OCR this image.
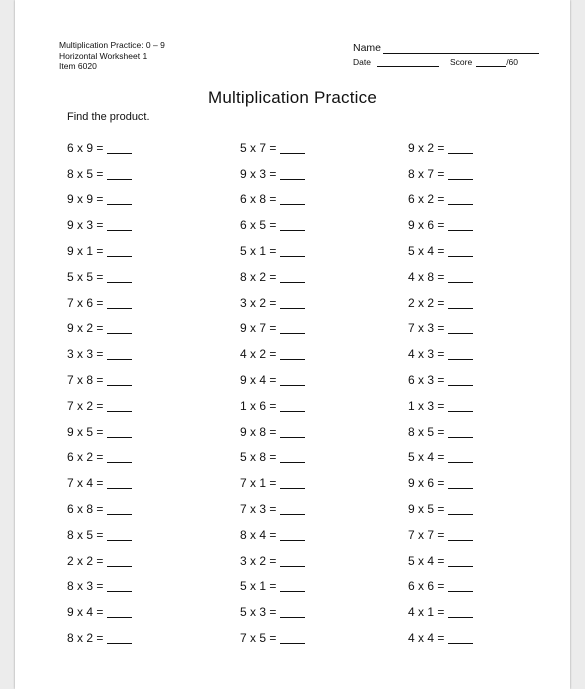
Multiplication Practice: 0 – 9
Horizontal Worksheet 1
Item 6020
Name
Date	Score	/60
Multiplication Practice
Find the product.
6 x 9 =
8 x 5 =
9 x 9 =
9 x 3 =
9 x 1 =
5 x 5 =
7 x 6 =
9 x 2 =
3 x 3 =
7 x 8 =
7 x 2 =
9 x 5 =
6 x 2 =
7 x 4 =
6 x 8 =
8 x 5 =
2 x 2 =
8 x 3 =
9 x 4 =
8 x 2 =
5 x 7 =
9 x 3 =
6 x 8 =
6 x 5 =
5 x 1 =
8 x 2 =
3 x 2 =
9 x 7 =
4 x 2 =
9 x 4 =
1 x 6 =
9 x 8 =
5 x 8 =
7 x 1 =
7 x 3 =
8 x 4 =
3 x 2 =
5 x 1 =
5 x 3 =
7 x 5 =
9 x 2 =
8 x 7 =
6 x 2 =
9 x 6 =
5 x 4 =
4 x 8 =
2 x 2 =
7 x 3 =
4 x 3 =
6 x 3 =
1 x 3 =
8 x 5 =
5 x 4 =
9 x 6 =
9 x 5 =
7 x 7 =
5 x 4 =
6 x 6 =
4 x 1 =
4 x 4 =
